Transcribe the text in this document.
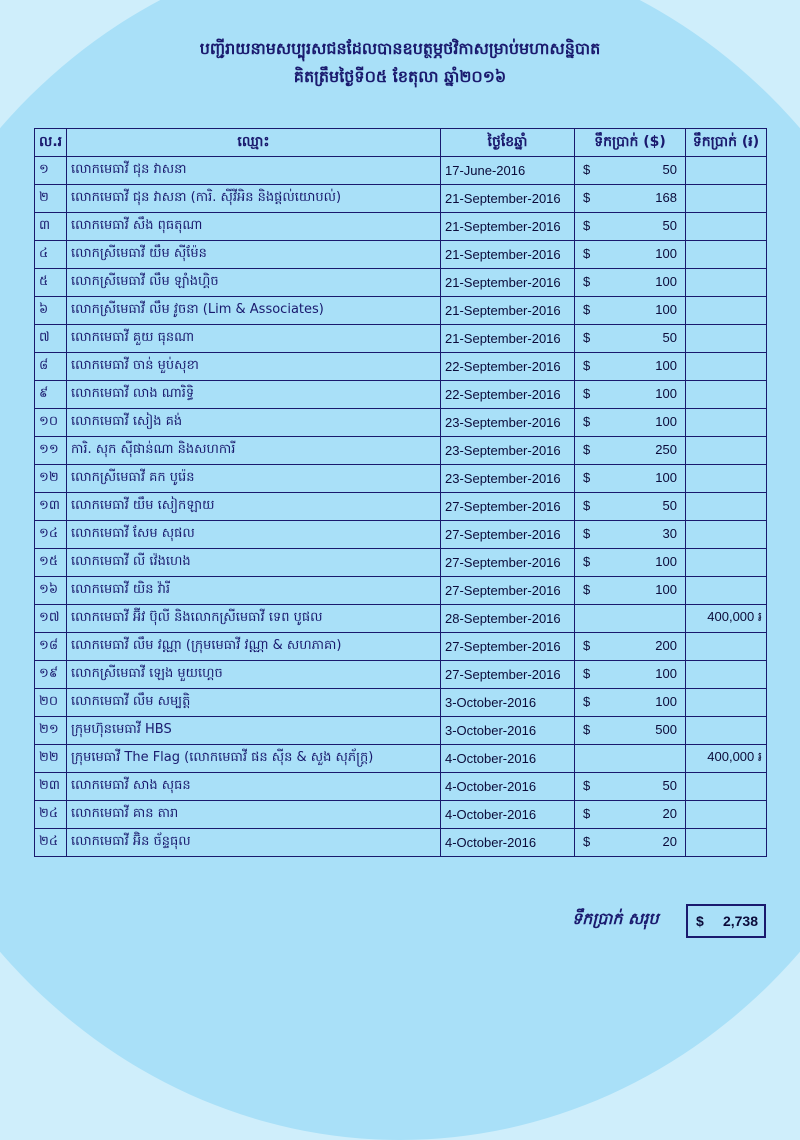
បញ្ជីរាយនាមសប្បុរសជនដែលបានឧបត្ថម្ភថវិកាសម្រាប់មហាសន្និបាត
គិតត្រឹមថ្ងៃទី០៥ ខែតុលា ឆ្នាំ២០១៦
ល.រ	ឈ្មោះ	ថ្ងៃខែឆ្នាំ	ទឹកប្រាក់ ($)	ទឹកប្រាក់ (៛)
១	លោកមេធាវី ជុន វាសនា	17-June-2016	$ 50	

២	លោកមេធាវី ជុន វាសនា (ការិ. ស៊ីវីអិន និងផ្តល់យោបល់)	21-September-2016	$ 168	

៣	លោកមេធាវី សឹង ពុធតុណា	21-September-2016	$ 50	

៤	លោកស្រីមេធាវី យឹម ស៊ីម៉ែន	21-September-2016	$ 100	

៥	លោកស្រីមេធាវី លឹម ឡាំងហ្គិច	21-September-2016	$ 100	

៦	លោកស្រីមេធាវី លឹម វូចនា (Lim & Associates)	21-September-2016	$ 100	

៧	លោកមេធាវី គួយ ធុនណា	21-September-2016	$ 50	

៨	លោកមេធាវី ចាន់ មួប់សុខា	22-September-2016	$ 100	

៩	លោកមេធាវី លាង ណារិទ្ធិ	22-September-2016	$ 100	

១០	លោកមេធាវី សៀង គង់	23-September-2016	$ 100	

១១	ការិ. សុក ស៊ីផាន់ណា និងសហការី	23-September-2016	$ 250	

១២	លោកស្រីមេធាវី គក បូរ៉េន	23-September-2016	$ 100	

១៣	លោកមេធាវី យឹម សៀកឡាយ	27-September-2016	$ 50	

១៤	លោកមេធាវី សែម សុផល	27-September-2016	$ 30	

១៥	លោកមេធាវី លី វ៉េងហេង	27-September-2016	$ 100	

១៦	លោកមេធាវី យិន វ៉ារី	27-September-2016	$ 100	

១៧	លោកមេធាវី អ៊ីវ ប៊ុលី និងលោកស្រីមេធាវី ទេព បូផល	28-September-2016		400,000 ៛
១៨	លោកមេធាវី លឹម វណ្ណា (ក្រុមមេធាវី វណ្ណា & សហភាគា)	27-September-2016	$ 200	

១៩	លោកស្រីមេធាវី ឡេង មួយហ្គេច	27-September-2016	$ 100	

២០	លោកមេធាវី លឹម សម្បត្តិ	3-October-2016	$ 100	

២១	ក្រុមហ៊ុនមេធាវី HBS	3-October-2016	$ 500	

២២	ក្រុមមេធាវី The Flag (លោកមេធាវី ផន ស៊ីន & សួង សុភ័ក្រ្ត)	4-October-2016		400,000 ៛
២៣	លោកមេធាវី សាង សុធន	4-October-2016	$ 50	

២៤	លោកមេធាវី គាន តារា	4-October-2016	$ 20	

២៤	លោកមេធាវី អ៊ិន ច័ន្ទធុល	4-October-2016	$ 20	

ទឹកប្រាក់ សរុប	$ 2,738
